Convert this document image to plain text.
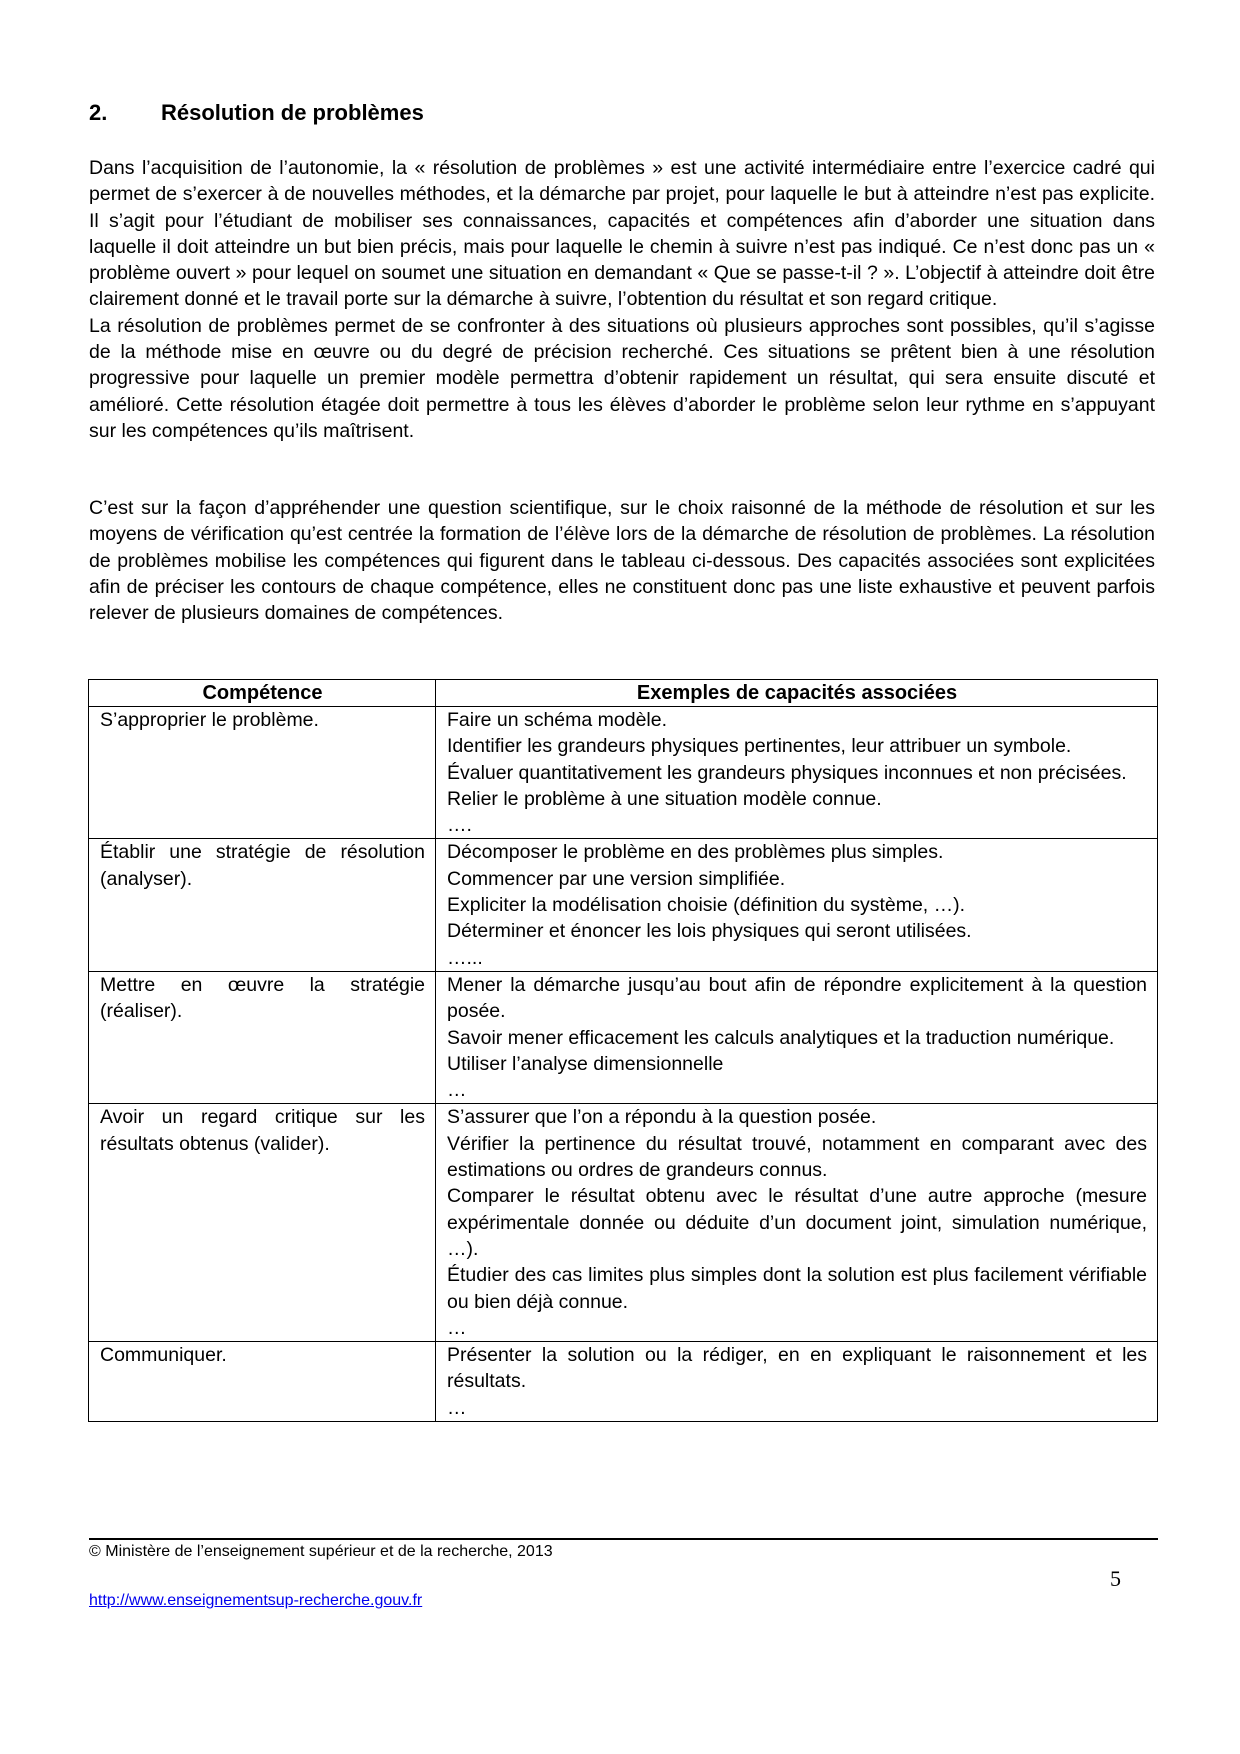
2.	Résolution de problèmes

Dans l’acquisition de l’autonomie, la « résolution de problèmes » est une activité intermédiaire entre l’exercice cadré qui permet de s’exercer à de nouvelles méthodes, et la démarche par projet, pour laquelle le but à atteindre n’est pas explicite. Il s’agit pour l’étudiant de mobiliser ses connaissances, capacités et compétences afin d’aborder une situation dans laquelle il doit atteindre un but bien précis, mais pour laquelle le chemin à suivre n’est pas indiqué. Ce n’est donc pas un « problème ouvert » pour lequel on soumet une situation en demandant « Que se passe-t-il ? ». L’objectif à atteindre doit être clairement donné et le travail porte sur la démarche à suivre, l’obtention du résultat et son regard critique.

La résolution de problèmes permet de se confronter à des situations où plusieurs approches sont possibles, qu’il s’agisse de la méthode mise en œuvre ou du degré de précision recherché. Ces situations se prêtent bien à une résolution progressive pour laquelle un premier modèle permettra d’obtenir rapidement un résultat, qui sera ensuite discuté et amélioré. Cette résolution étagée doit permettre à tous les élèves d’aborder le problème selon leur rythme en s’appuyant sur les compétences qu’ils maîtrisent.

C’est sur la façon d’appréhender une question scientifique, sur le choix raisonné de la méthode de résolution et sur les moyens de vérification qu’est centrée la formation de l’élève lors de la démarche de résolution de problèmes. La résolution de problèmes mobilise les compétences qui figurent dans le tableau ci-dessous. Des capacités associées sont explicitées afin de préciser les contours de chaque compétence, elles ne constituent donc pas une liste exhaustive et peuvent parfois relever de plusieurs domaines de compétences.

Compétence	Exemples de capacités associées
S’approprier le problème.	Faire un schéma modèle.

Identifier les grandeurs physiques pertinentes, leur attribuer un symbole.

Évaluer quantitativement les grandeurs physiques inconnues et non précisées.

Relier le problème à une situation modèle connue.

….

Établir une stratégie de résolution (analyser).	Décomposer le problème en des problèmes plus simples.

Commencer par une version simplifiée.

Expliciter la modélisation choisie (définition du système, …).

Déterminer et énoncer les lois physiques qui seront utilisées.

…...

Mettre en œuvre la stratégie (réaliser).	Mener la démarche jusqu’au bout afin de répondre explicitement à la question posée.

Savoir mener efficacement les calculs analytiques et la traduction numérique.

Utiliser l’analyse dimensionnelle

…

Avoir un regard critique sur les résultats obtenus (valider).	S’assurer que l’on a répondu à la question posée.

Vérifier la pertinence du résultat trouvé, notamment en comparant avec des estimations ou ordres de grandeurs connus.

Comparer le résultat obtenu avec le résultat d’une autre approche (mesure expérimentale donnée ou déduite d’un document joint, simulation numérique, …).

Étudier des cas limites plus simples dont la solution est plus facilement vérifiable ou bien déjà connue.

…

Communiquer.	Présenter la solution ou la rédiger, en en expliquant le raisonnement et les résultats.

…

© Ministère de l’enseignement supérieur et de la recherche, 2013
5
http://www.enseignementsup-recherche.gouv.fr
